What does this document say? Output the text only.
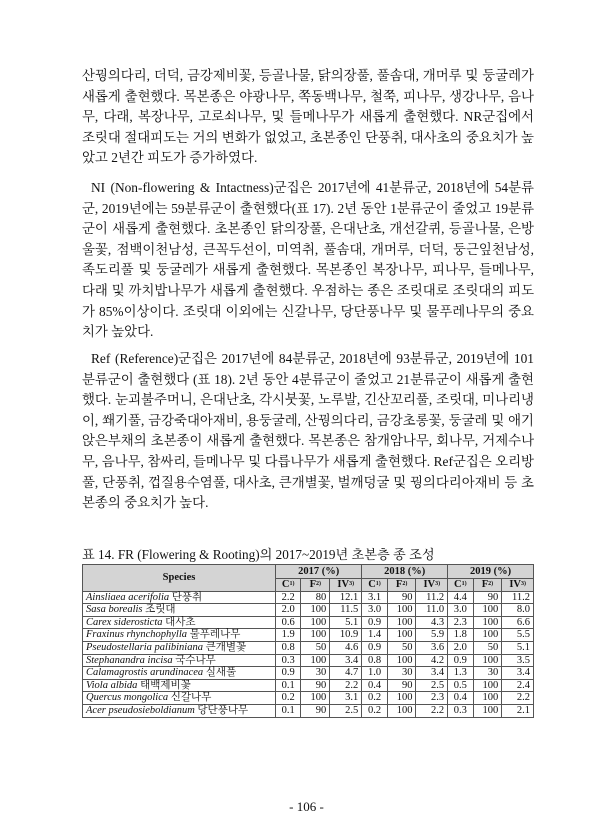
산꿩의다리, 더덕, 금강제비꽃, 등골나물, 닭의장풀, 풀솜대, 개머루 및 둥굴레가 새롭게 출현했다. 목본종은 야광나무, 쪽동백나무, 철쭉, 피나무, 생강나무, 음나무, 다래, 복장나무, 고로쇠나무, 및 들메나무가 새롭게 출현했다. NR군집에서 조릿대 절대피도는 거의 변화가 없었고, 초본종인 단풍취, 대사초의 중요치가 높았고 2년간 피도가 증가하였다.

NI (Non-flowering & Intactness)군집은 2017년에 41분류군, 2018년에 54분류군, 2019년에는 59분류군이 출현했다(표 17). 2년 동안 1분류군이 줄었고 19분류군이 새롭게 출현했다. 초본종인 닭의장풀, 은대난초, 개선갈퀴, 등골나물, 은방울꽃, 점백이천남성, 큰꼭두선이, 미역취, 풀솜대, 개머루, 더덕, 둥근잎천남성, 족도리풀 및 둥굴레가 새롭게 출현했다. 목본종인 복장나무, 피나무, 들메나무, 다래 및 까치밥나무가 새롭게 출현했다. 우점하는 종은 조릿대로 조릿대의 피도가 85%이상이다. 조릿대 이외에는 신갈나무, 당단풍나무 및 물푸레나무의 중요치가 높았다.

Ref (Reference)군집은 2017년에 84분류군, 2018년에 93분류군, 2019년에 101분류군이 출현했다 (표 18). 2년 동안 4분류군이 줄었고 21분류군이 새롭게 출현했다. 눈괴불주머니, 은대난초, 각시붓꽃, 노루발, 긴산꼬리풀, 조릿대, 미나리냉이, 쐐기풀, 금강죽대아재비, 용둥굴레, 산꿩의다리, 금강초롱꽃, 둥굴레 및 애기앉은부채의 초본종이 새롭게 출현했다. 목본종은 참개암나무, 회나무, 거제수나무, 음나무, 참싸리, 들메나무 및 다릅나무가 새롭게 출현했다. Ref군집은 오리방풀, 단풍취, 껍질용수염풀, 대사초, 큰개별꽃, 벌깨덩굴 및 꿩의다리아재비 등 초본종의 중요치가 높다.

표 14. FR (Flowering & Rooting)의 2017~2019년 초본층 종 조성
Species	2017 (%)			2018 (%)			2019 (%)		
	$C^{1)}$	$F^{2)}$	IV$^{3)}$	$C^{1)}$	$F^{2)}$	IV$^{3)}$	$C^{1)}$	$F^{2)}$	IV$^{3)}$
Ainsliaea acerifolia 단풍취	2.2	80	12.1	3.1	90	11.2	4.4	90	11.2
Sasa borealis 조릿대	2.0	100	11.5	3.0	100	11.0	3.0	100	8.0
Carex siderosticta 대사초	0.6	100	5.1	0.9	100	4.3	2.3	100	6.6
Fraxinus rhynchophylla 물푸레나무	1.9	100	10.9	1.4	100	5.9	1.8	100	5.5
Pseudostellaria palibiniana 큰개별꽃	0.8	50	4.6	0.9	50	3.6	2.0	50	5.1
Stephanandra incisa 국수나무	0.3	100	3.4	0.8	100	4.2	0.9	100	3.5
Calamagrostis arundinacea 실새풀	0.9	30	4.7	1.0	30	3.4	1.3	30	3.4
Viola albida 태백제비꽃	0.1	90	2.2	0.4	90	2.5	0.5	100	2.4
Quercus mongolica 신갈나무	0.2	100	3.1	0.2	100	2.3	0.4	100	2.2
Acer pseudosieboldianum 당단풍나무	0.1	90	2.5	0.2	100	2.2	0.3	100	2.1
- 106 -
